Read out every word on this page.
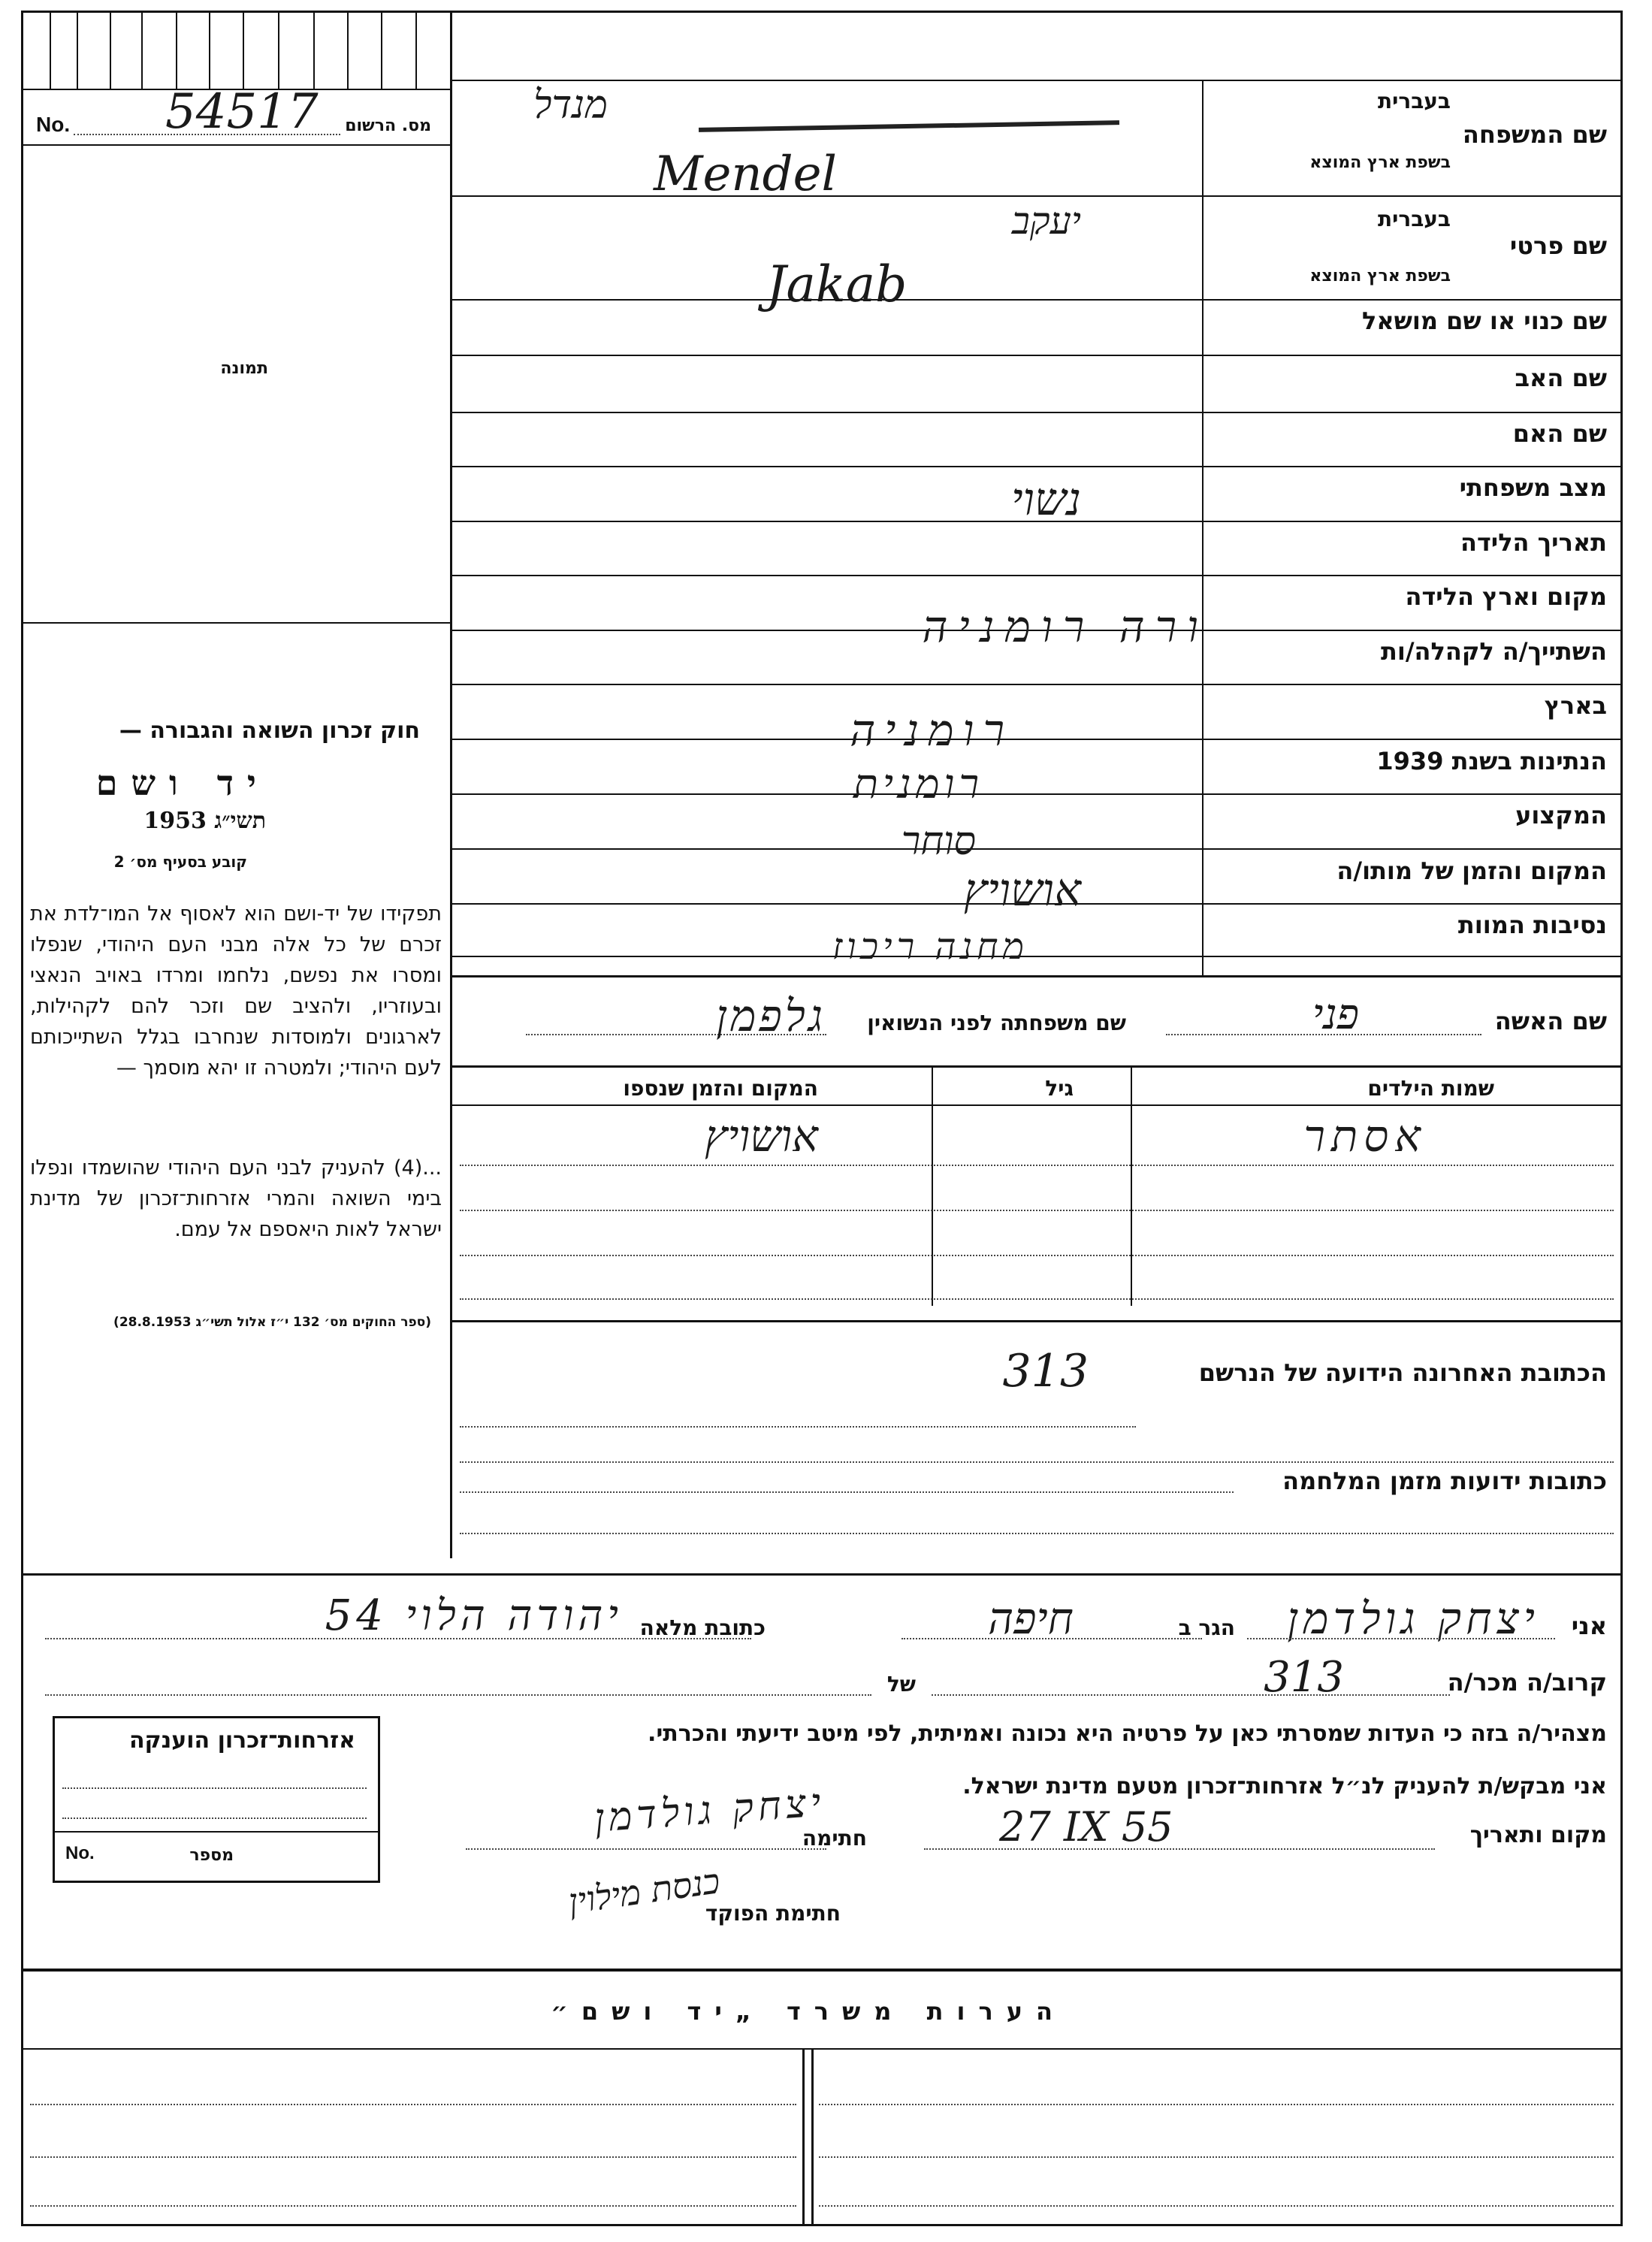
No. 54517 מס. הרשום
תמונה
שם המשפחה
בעברית
בשפת ארץ המוצא
מנדל
Mendel
שם פרטי
בעברית
בשפת ארץ המוצא
יעקב
Jakab
שם כנוי או שם מושאל
שם האב
שם האם
מצב משפחתי
נשוי
תאריך הלידה
מקום וארץ הלידה
ורה רומניה	השתייך/ה לקהלה/ות
בארץ
רומניה
הנתינות בשנת 1939
רומנית
המקצוע
סוחר
המקום והזמן של מותו/ה
אושויץ
נסיבות המוות
מחנה ריכוז
חוק זכרון השואה והגבורה —
יד ושם
תשי״ג 1953
קובע בסעיף מס׳ 2
תפקידו של יד-ושם הוא לאסוף אל המו־לדת את זכרם של כל אלה מבני העם היהודי, שנפלו ומסרו את נפשם, נלחמו ומרדו באויב הנאצי ובעוזריו, ולהציב שם וזכר להם לקהילות, לארגונים ולמוסדות שנחרבו בגלל השתייכותם לעם היהודי; ולמטרה זו יהא מוסמך —
...(4) להעניק לבני העם היהודי שהושמדו ונפלו בימי השואה והמרי אזרחות־זכרון של מדינת ישראל לאות היאספם אל עמם.
(ספר החוקים מס׳ 132 י״ז אלול תשי״ג 28.8.1953)
שם האשה
פני
שם משפחתה לפני הנשואין
גלפמן
שמות הילדים
גיל
המקום והזמן שנספו
אסתר
אושויץ
הכתובת האחרונה הידועה של הנרשם
313
כתובות ידועות מזמן המלחמה
אני
יצחק גולדמן
הגר ב
חיפה
כתובת מלאה
יהודה הלוי 54
קרוב/ה מכר/ה
313
של
מצהיר/ה בזה כי העדות שמסרתי כאן על פרטיה היא נכונה ואמיתית, לפי מיטב ידיעתי והכרתי.
אני מבקש/ת להעניק לנ״ל אזרחות־זכרון מטעם מדינת ישראל.
מקום ותאריך
27 IX 55
חתימה
יצחק גולדמן
חתימת הפוקד
כנסת מילוין
אזרחות־זכרון הוענקה
No.	מספר
הערות משרד „יד ושם״
